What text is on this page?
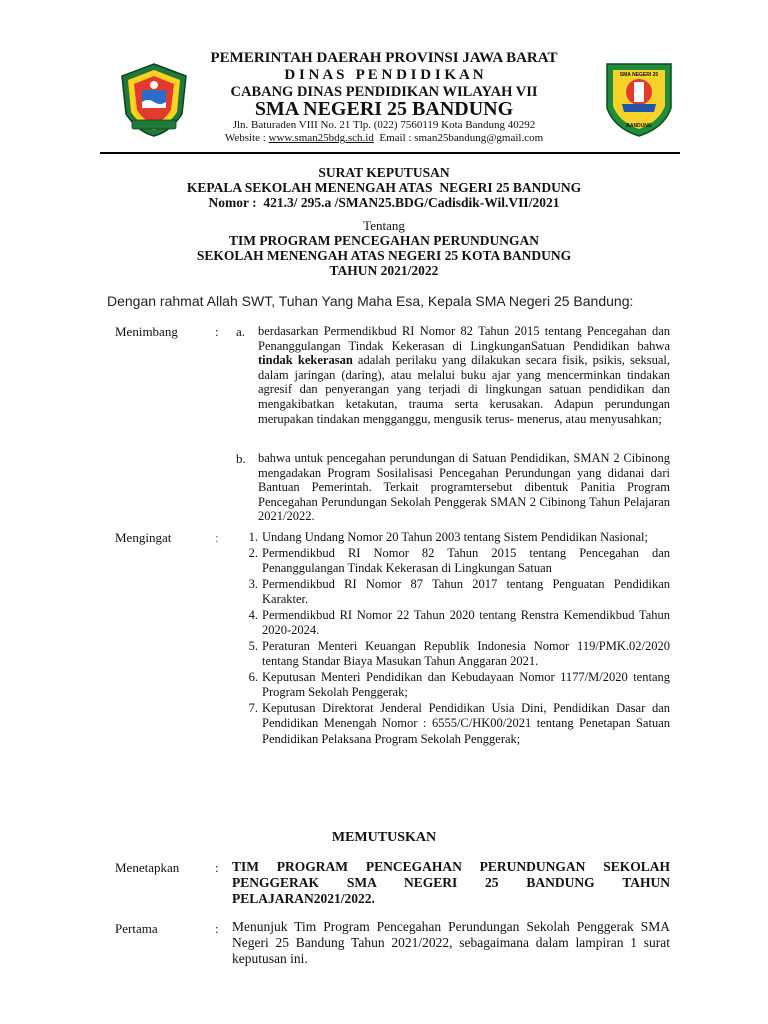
SMA NEGERI 25
BANDUNG
PEMERINTAH DAERAH PROVINSI JAWA BARAT
D I N A S   P E N D I D I K A N
CABANG DINAS PENDIDIKAN WILAYAH VII
SMA NEGERI 25 BANDUNG
Jln. Baturaden VIII No. 21 Tlp. (022) 7560119 Kota Bandung 40292
Website : www.sman25bdg.sch.id  Email : sman25bandung@gmail.com
SURAT KEPUTUSAN
KEPALA SEKOLAH MENENGAH ATAS  NEGERI 25 BANDUNG
Nomor :  421.3/ 295.a /SMAN25.BDG/Cadisdik-Wil.VII/2021
Tentang
TIM PROGRAM PENCEGAHAN PERUNDUNGAN
SEKOLAH MENENGAH ATAS NEGERI 25 KOTA BANDUNG
TAHUN 2021/2022
Dengan rahmat Allah SWT, Tuhan Yang Maha Esa, Kepala SMA Negeri 25 Bandung:
Menimbang	: a. berdasarkan Permendikbud RI Nomor 82 Tahun 2015 tentang Pencegahan dan Penanggulangan Tindak Kekerasan di LingkunganSatuan Pendidikan bahwa tindak kekerasan adalah perilaku yang dilakukan secara fisik, psikis, seksual, dalam jaringan (daring), atau melalui buku ajar yang mencerminkan tindakan agresif dan penyerangan yang terjadi di lingkungan satuan pendidikan dan mengakibatkan ketakutan, trauma serta kerusakan. Adapun perundungan merupakan tindakan mengganggu, mengusik terus- menerus, atau menyusahkan;
b. bahwa untuk pencegahan perundungan di Satuan Pendidikan, SMAN 2 Cibinong mengadakan Program Sosilalisasi Pencegahan Perundungan yang didanai dari Bantuan Pemerintah. Terkait programtersebut dibentuk Panitia Program Pencegahan Perundungan Sekolah Penggerak SMAN 2 Cibinong Tahun Pelajaran 2021/2022.
Mengingat	:	1. Undang Undang Nomor 20 Tahun 2003 tentang Sistem Pendidikan Nasional;
2. Permendikbud RI Nomor 82 Tahun 2015 tentang Pencegahan dan Penanggulangan Tindak Kekerasan di Lingkungan Satuan
3. Permendikbud RI Nomor 87 Tahun 2017 tentang Penguatan Pendidikan Karakter.
4. Permendikbud RI Nomor 22 Tahun 2020 tentang Renstra Kemendikbud Tahun 2020-2024.
5. Peraturan Menteri Keuangan Republik Indonesia Nomor 119/PMK.02/2020 tentang Standar Biaya Masukan Tahun Anggaran 2021.
6. Keputusan Menteri Pendidikan dan Kebudayaan Nomor 1177/M/2020 tentang Program Sekolah Penggerak;
7. Keputusan Direktorat Jenderal Pendidikan Usia Dini, Pendidikan Dasar dan Pendidikan Menengah Nomor : 6555/C/HK00/2021 tentang Penetapan Satuan Pendidikan Pelaksana Program Sekolah Penggerak;
MEMUTUSKAN
Menetapkan	: TIM PROGRAM PENCEGAHAN PERUNDUNGAN SEKOLAH PENGGERAK SMA NEGERI 25 BANDUNG TAHUN PELAJARAN2021/2022.
Pertama	: Menunjuk Tim Program Pencegahan Perundungan Sekolah Penggerak SMA Negeri 25 Bandung Tahun 2021/2022, sebagaimana dalam lampiran 1 surat keputusan ini.
